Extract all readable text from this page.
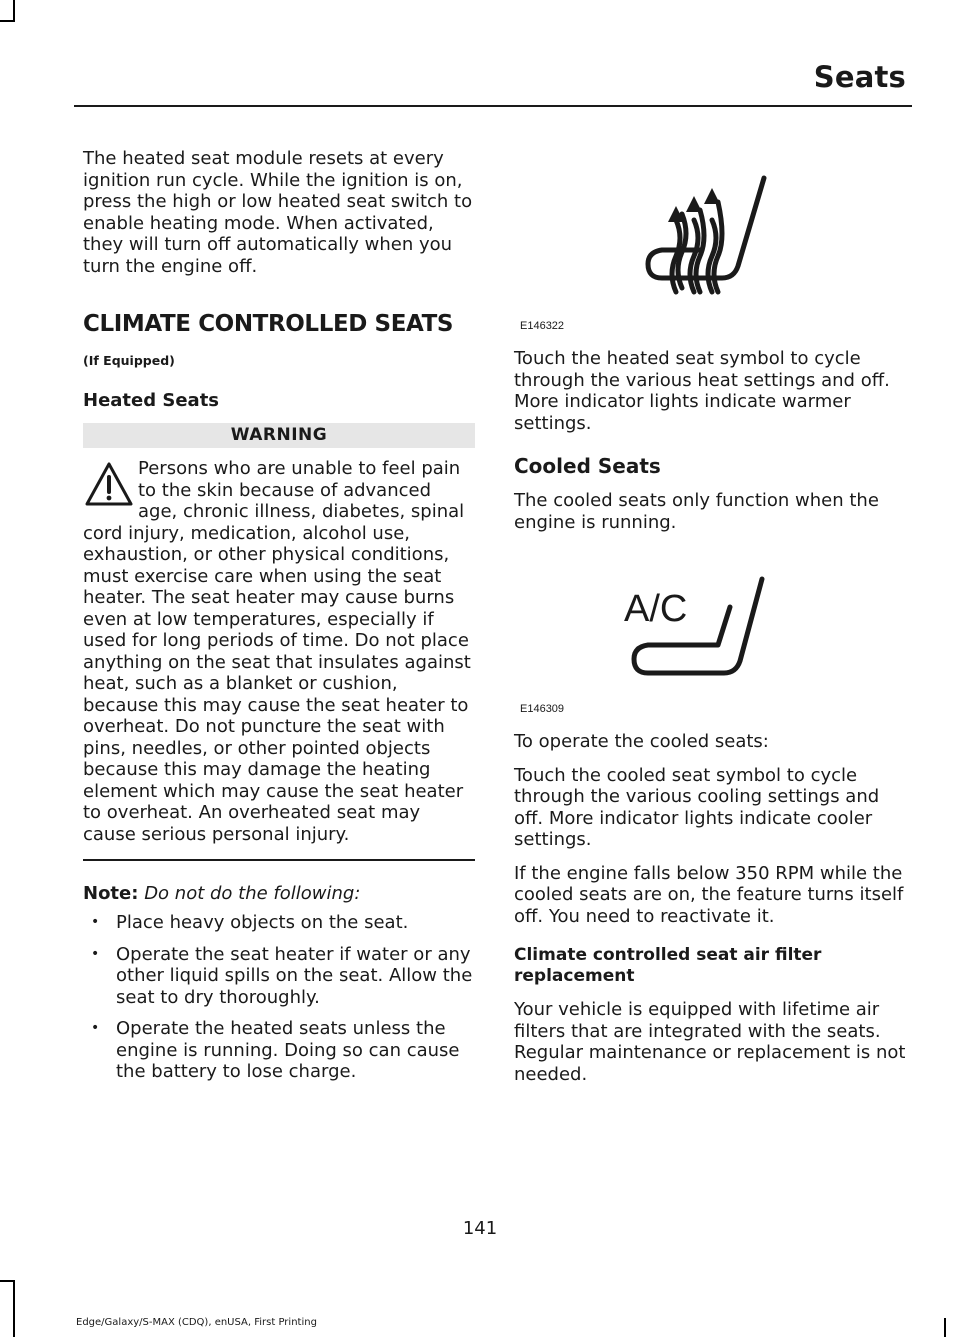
Seats

The heated seat module resets at every ignition run cycle. While the ignition is on, press the high or low heated seat switch to enable heating mode. When activated, they will turn off automatically when you turn the engine off.

CLIMATE CONTROLLED SEATS
(If Equipped)
Heated Seats
WARNING
Persons who are unable to feel pain to the skin because of advanced age, chronic illness, diabetes, spinal cord injury, medication, alcohol use, exhaustion, or other physical conditions, must exercise care when using the seat heater. The seat heater may cause burns even at low temperatures, especially if used for long periods of time. Do not place anything on the seat that insulates against heat, such as a blanket or cushion, because this may cause the seat heater to overheat. Do not puncture the seat with pins, needles, or other pointed objects because this may damage the heating element which may cause the seat heater to overheat. An overheated seat may cause serious personal injury.

Note: Do not do the following:

• Place heavy objects on the seat.
• Operate the seat heater if water or any other liquid spills on the seat. Allow the seat to dry thoroughly.
• Operate the heated seats unless the engine is running. Doing so can cause the battery to lose charge.
E146322

Touch the heated seat symbol to cycle through the various heat settings and off. More indicator lights indicate warmer settings.

Cooled Seats

The cooled seats only function when the engine is running.

A/C
E146309

To operate the cooled seats:

Touch the cooled seat symbol to cycle through the various cooling settings and off. More indicator lights indicate cooler settings.

If the engine falls below 350 RPM while the cooled seats are on, the feature turns itself off. You need to reactivate it.

Climate controlled seat air filter replacement

Your vehicle is equipped with lifetime air filters that are integrated with the seats. Regular maintenance or replacement is not needed.

141
Edge/Galaxy/S-MAX (CDQ), enUSA, First Printing
